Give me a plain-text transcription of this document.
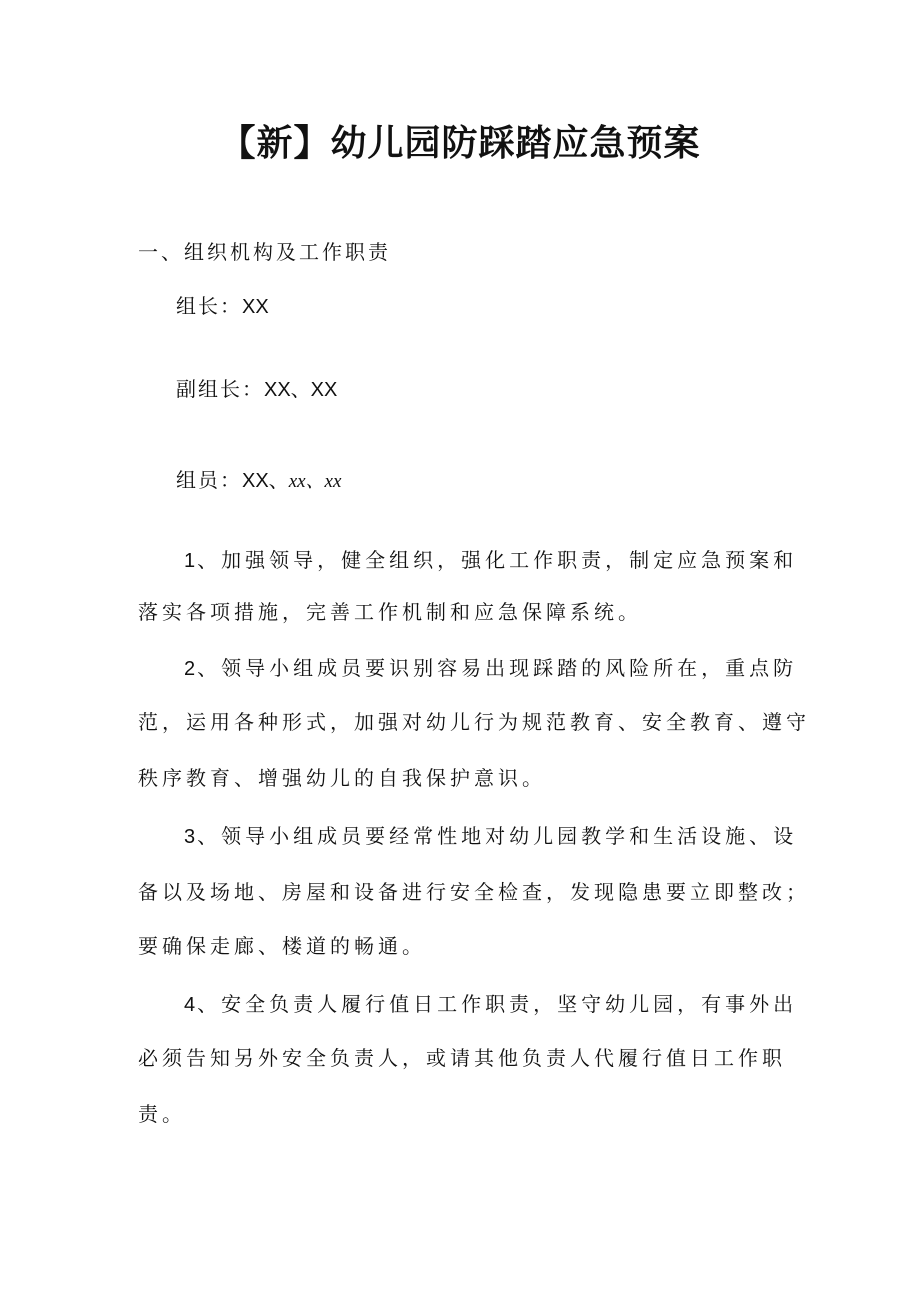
【新】幼儿园防踩踏应急预案
一、组织机构及工作职责
组长：XX
副组长：XX、XX
组员：XX、xx、xx
1、加强领导，健全组织，强化工作职责，制定应急预案和
落实各项措施，完善工作机制和应急保障系统。
2、领导小组成员要识别容易出现踩踏的风险所在，重点防
范，运用各种形式，加强对幼儿行为规范教育、安全教育、遵守
秩序教育、增强幼儿的自我保护意识。
3、领导小组成员要经常性地对幼儿园教学和生活设施、设
备以及场地、房屋和设备进行安全检查，发现隐患要立即整改；
要确保走廊、楼道的畅通。
4、安全负责人履行值日工作职责，坚守幼儿园，有事外出
必须告知另外安全负责人，或请其他负责人代履行值日工作职
责。
